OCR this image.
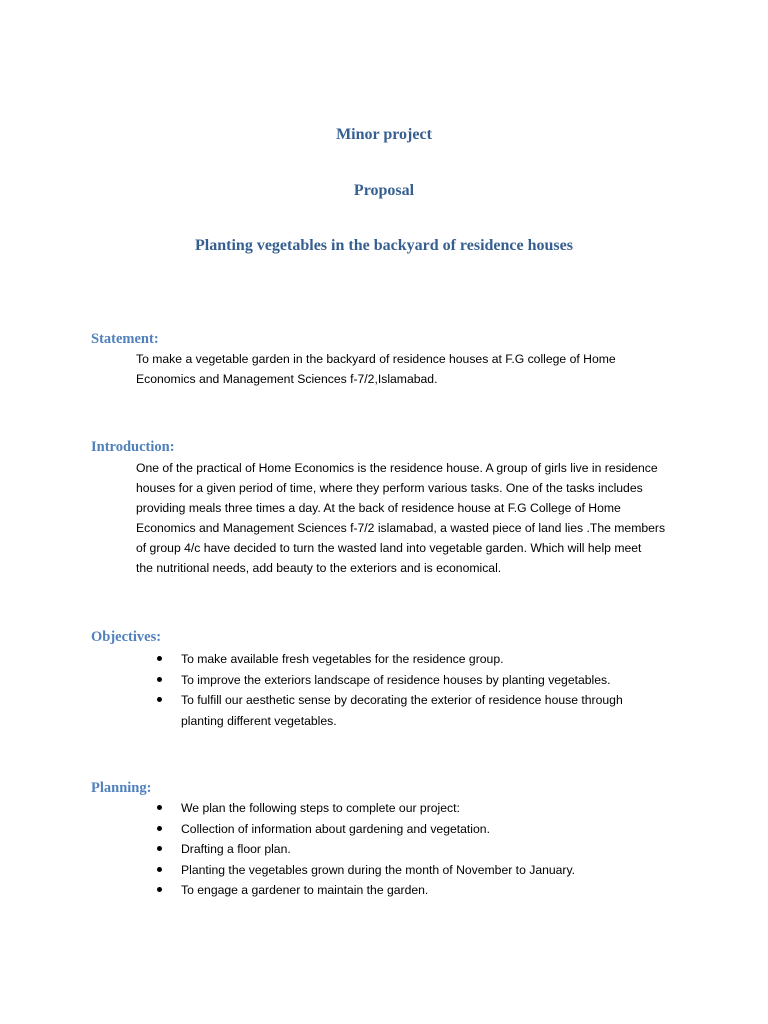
Minor project
Proposal
Planting vegetables in the backyard of residence houses
Statement:
To make a vegetable garden in the backyard of residence houses at F.G college of Home
Economics and Management Sciences f-7/2,Islamabad.
Introduction:
One of the practical of Home Economics is the residence house. A group of girls live in residence
houses for a given period of time, where they perform various tasks. One of the tasks includes
providing meals three times a day. At the back of residence house at F.G College of Home
Economics and Management Sciences f-7/2 islamabad, a wasted piece of land lies .The members
of group 4/c have decided to turn the wasted land into vegetable garden. Which will help meet
the nutritional needs, add beauty to the exteriors and is economical.
Objectives:
To make available fresh vegetables for the residence group.
To improve the exteriors landscape of residence houses by planting vegetables.
To fulfill our aesthetic sense by decorating the exterior of residence house through
planting different vegetables.
Planning:
We plan the following steps to complete our project:
Collection of information about gardening and vegetation.
Drafting a floor plan.
Planting the vegetables grown during the month of November to January.
To engage a gardener to maintain the garden.
